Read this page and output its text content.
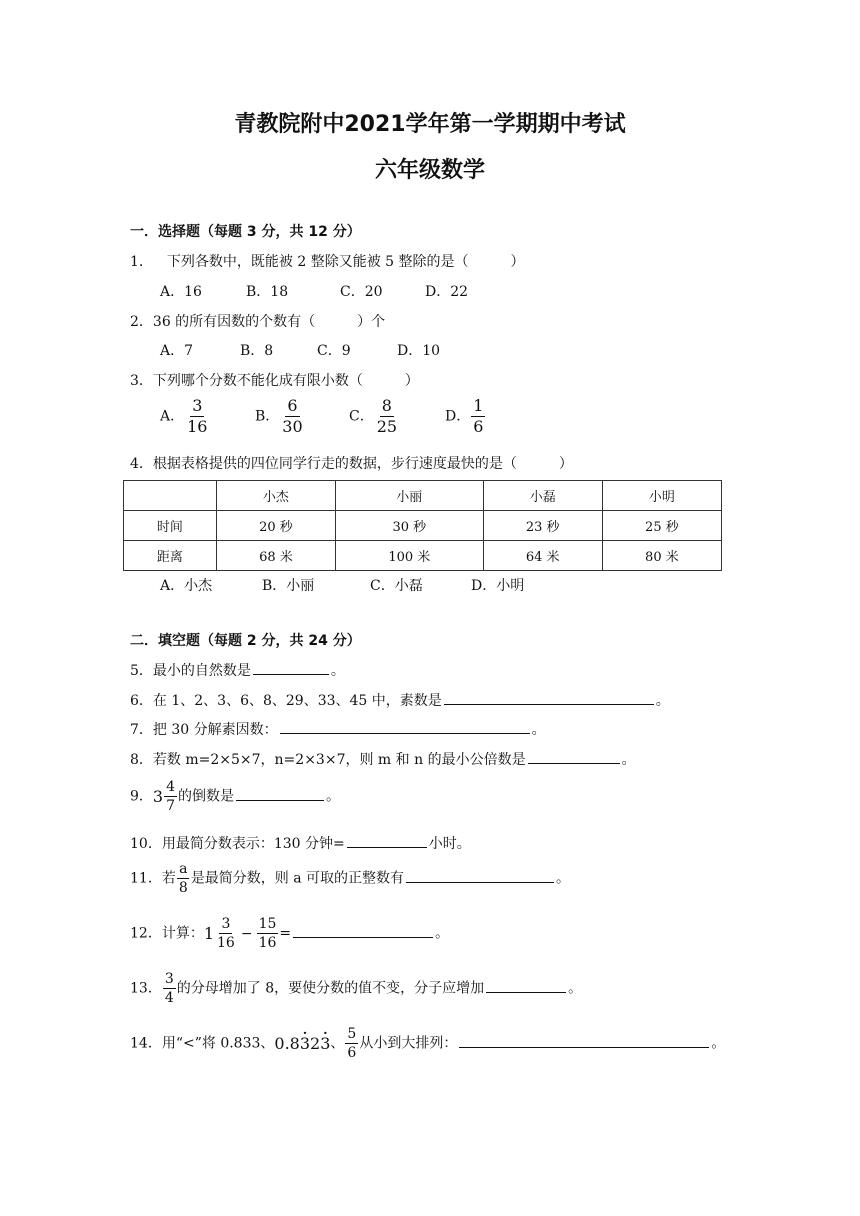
青教院附中2021学年第一学期期中考试
六年级数学
一．选择题（每题 3 分，共 12 分）
1． 下列各数中，既能被 2 整除又能被 5 整除的是（　　　）
A．16	B．18	C．20	D．22
2．36 的所有因数的个数有（　　　）个
A．7	B．8	C．9	D．10
3．下列哪个分数不能化成有限小数（　　　）
A． $\frac{3}{16}$	B． $\frac{6}{30}$	C． $\frac{8}{25}$	D． $\frac{1}{6}$
4．根据表格提供的四位同学行走的数据，步行速度最快的是（　　　）
	小杰	小丽	小磊	小明
时间	20 秒	30 秒	23 秒	25 秒
距离	68 米	100 米	64 米	80 米
A．小杰	B．小丽	C．小磊	D．小明
二．填空题（每题 2 分，共 24 分）
5．最小的自然数是	。
6．在 1、2、3、6、8、29、33、45 中，素数是	。
7．把 30 分解素因数：	。
8．若数 m=2×5×7，n=2×3×7，则 m 和 n 的最小公倍数是	。
9．$3 \frac{4}{7}$ 的倒数是	。
10．用最简分数表示：130 分钟=	小时。
11．若 $\frac{a}{8}$ 是最简分数，则 a 可取的正整数有	。
12．计算：$1 \frac{3}{16} - \frac{15}{16}$ =	。
13． $\frac{3}{4}$ 的分母增加了 8，要使分数的值不变，分子应增加	。
14．用“<”将 0.833、0.83 ·23 ·、 $\frac{5}{6}$ 从小到大排列：	。
